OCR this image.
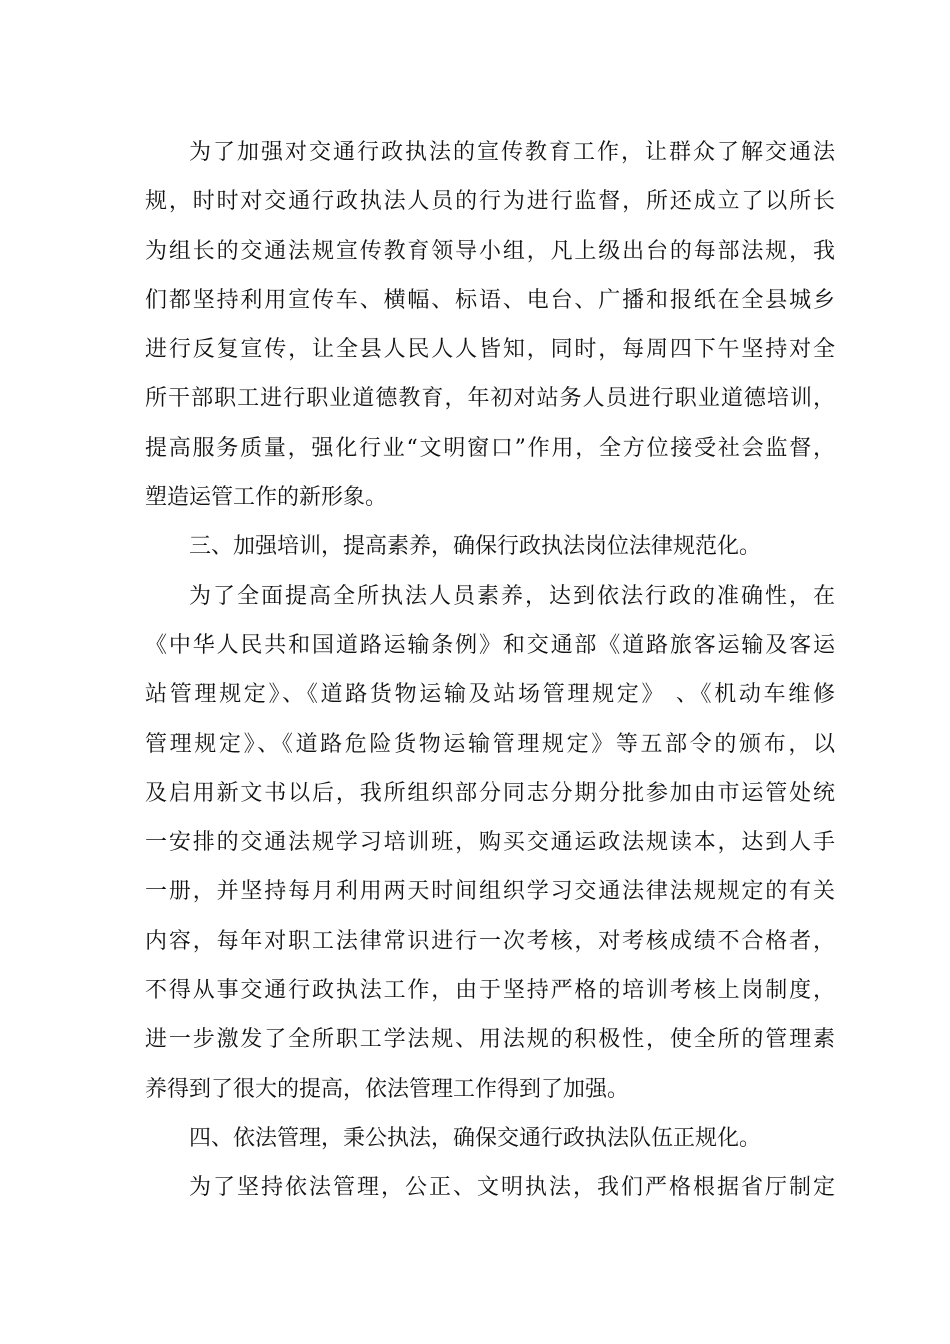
为了加强对交通行政执法的宣传教育工作，让群众了解交通法
规，时时对交通行政执法人员的行为进行监督，所还成立了以所长
为组长的交通法规宣传教育领导小组，凡上级出台的每部法规，我
们都坚持利用宣传车、横幅、标语、电台、广播和报纸在全县城乡
进行反复宣传，让全县人民人人皆知，同时，每周四下午坚持对全
所干部职工进行职业道德教育，年初对站务人员进行职业道德培训，
提高服务质量，强化行业“文明窗口”作用，全方位接受社会监督，
塑造运管工作的新形象。
三、加强培训，提高素养，确保行政执法岗位法律规范化。
为了全面提高全所执法人员素养，达到依法行政的准确性，在
《中华人民共和国道路运输条例》和交通部《道路旅客运输及客运
站管理规定》、《道路货物运输及站场管理规定》 、《机动车维修
管理规定》、《道路危险货物运输管理规定》等五部令的颁布，以
及启用新文书以后，我所组织部分同志分期分批参加由市运管处统
一安排的交通法规学习培训班，购买交通运政法规读本，达到人手
一册，并坚持每月利用两天时间组织学习交通法律法规规定的有关
内容，每年对职工法律常识进行一次考核，对考核成绩不合格者，
不得从事交通行政执法工作，由于坚持严格的培训考核上岗制度，
进一步激发了全所职工学法规、用法规的积极性，使全所的管理素
养得到了很大的提高，依法管理工作得到了加强。
四、依法管理，秉公执法，确保交通行政执法队伍正规化。
为了坚持依法管理，公正、文明执法，我们严格根据省厅制定
